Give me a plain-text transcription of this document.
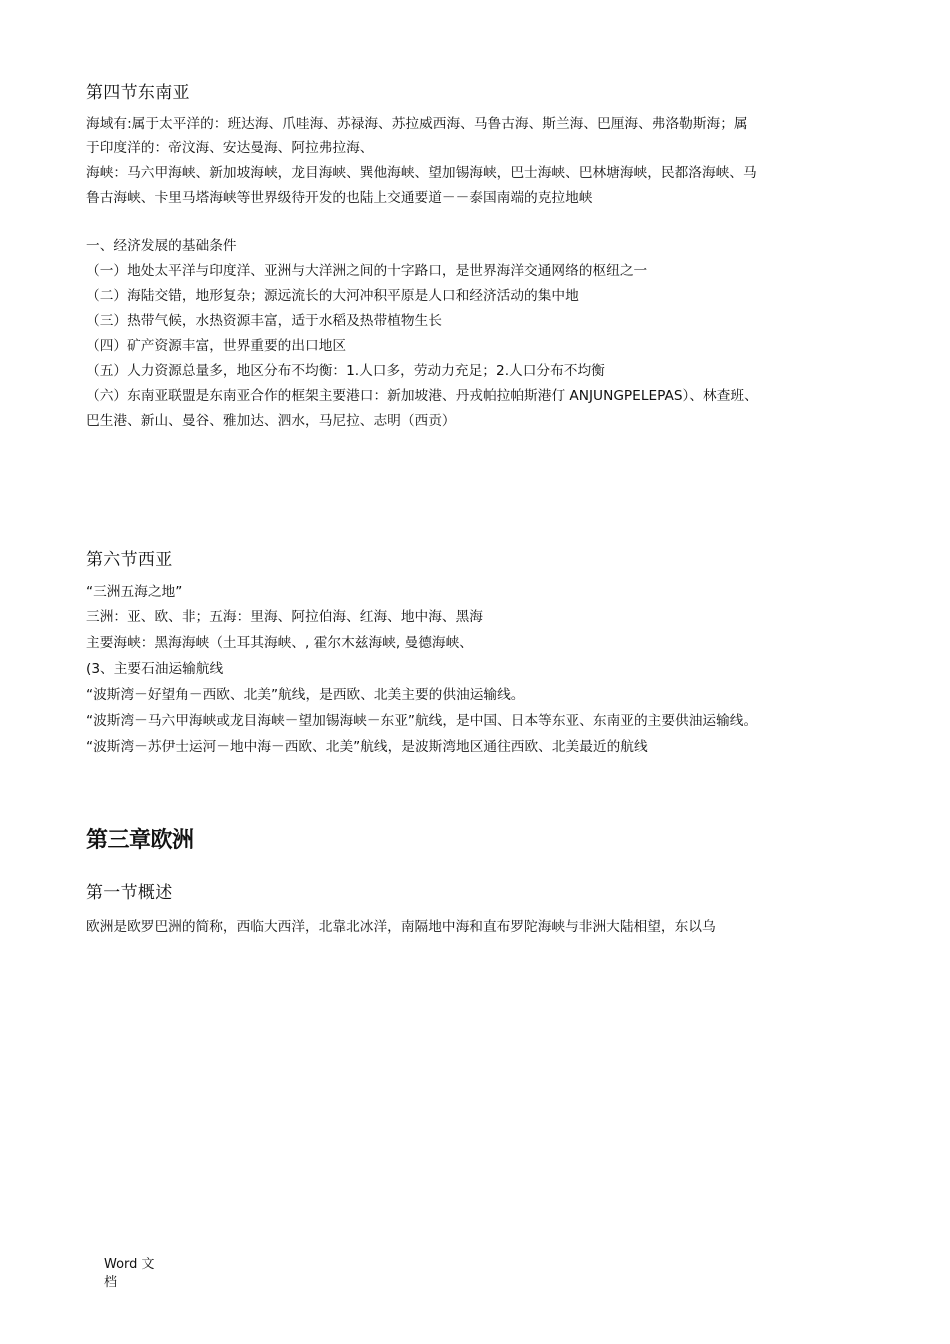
第四节东南亚
海域有:属于太平洋的：班达海、爪哇海、苏禄海、苏拉威西海、马鲁古海、斯兰海、巴厘海、弗洛勒斯海；属
于印度洋的：帝汶海、安达曼海、阿拉弗拉海、
海峡：马六甲海峡、新加坡海峡，龙目海峡、巽他海峡、望加锡海峡，巴士海峡、巴林塘海峡，民都洛海峡、马
鲁古海峡、卡里马塔海峡等世界级待开发的也陆上交通要道－－泰国南端的克拉地峡
一、经济发展的基础条件
（一）地处太平洋与印度洋、亚洲与大洋洲之间的十字路口，是世界海洋交通网络的枢纽之一
（二）海陆交错，地形复杂；源远流长的大河冲积平原是人口和经济活动的集中地
（三）热带气候，水热资源丰富，适于水稻及热带植物生长
（四）矿产资源丰富，世界重要的出口地区
（五）人力资源总量多，地区分布不均衡：1.人口多，劳动力充足；2.人口分布不均衡
（六）东南亚联盟是东南亚合作的框架主要港口：新加坡港、丹戎帕拉帕斯港仃 ANJUNGPELEPAS）、林查班、
巴生港、新山、曼谷、雅加达、泗水，马尼拉、志明（西贡）
第六节西亚
“三洲五海之地”
三洲：亚、欧、非；五海：里海、阿拉伯海、红海、地中海、黑海
主要海峡：黑海海峡（土耳其海峡、, 霍尔木兹海峡, 曼德海峡、
(3、主要石油运输航线
“波斯湾－好望角－西欧、北美”航线，是西欧、北美主要的供油运输线。
“波斯湾－马六甲海峡或龙目海峡－望加锡海峡－东亚”航线，是中国、日本等东亚、东南亚的主要供油运输线。
“波斯湾－苏伊士运河－地中海－西欧、北美”航线，是波斯湾地区通往西欧、北美最近的航线
第三章欧洲
第一节概述
欧洲是欧罗巴洲的简称，西临大西洋，北靠北冰洋，南隔地中海和直布罗陀海峡与非洲大陆相望，东以乌
Word 文
档
